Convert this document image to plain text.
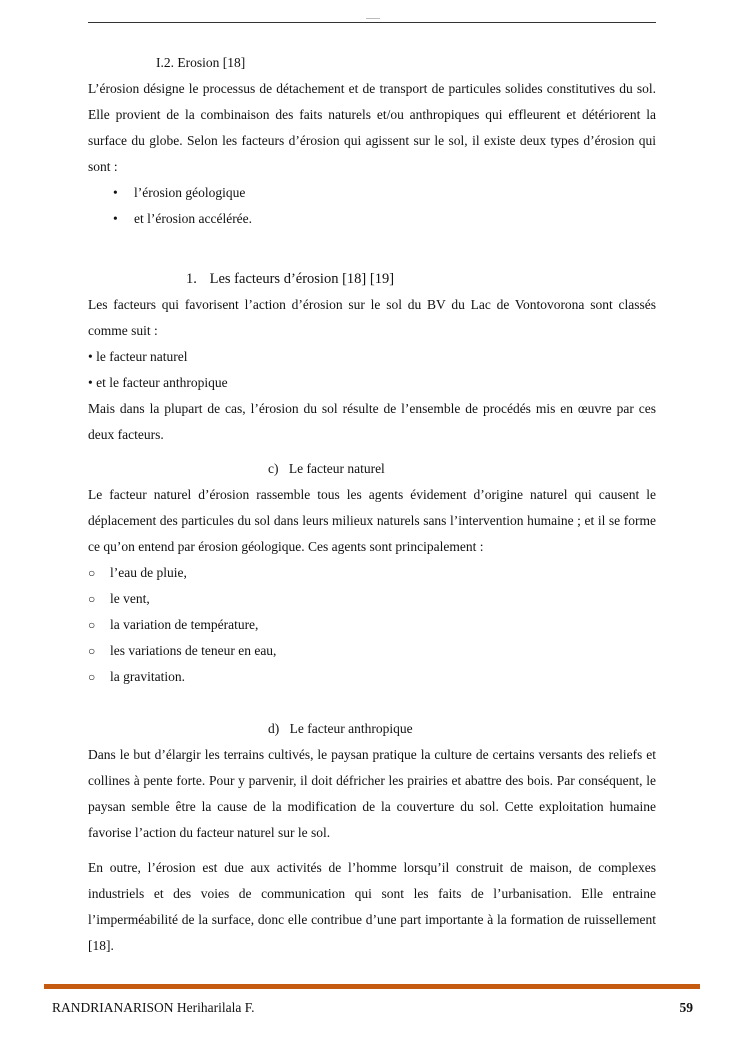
I.2. Erosion [18]

L’érosion désigne le processus de détachement et de transport de particules solides constitutives du sol. Elle provient de la combinaison des faits naturels et/ou anthropiques qui effleurent et détériorent la surface du globe. Selon les facteurs d’érosion qui agissent sur le sol, il existe deux types d’érosion qui sont :

• l’érosion géologique
• et l’érosion accélérée.
1. Les facteurs d’érosion [18] [19]

Les facteurs qui favorisent l’action d’érosion sur le sol du BV du Lac de Vontovorona sont classés comme suit :

• le facteur naturel
• et le facteur anthropique

Mais dans la plupart de cas, l’érosion du sol résulte de l’ensemble de procédés mis en œuvre par ces deux facteurs.

c) Le facteur naturel

Le facteur naturel d’érosion rassemble tous les agents évidement d’origine naturel qui causent le déplacement des particules du sol dans leurs milieux naturels sans l’intervention humaine ; et il se forme ce qu’on entend par érosion géologique. Ces agents sont principalement :

○ l’eau de pluie,
○ le vent,
○ la variation de température,
○ les variations de teneur en eau,
○ la gravitation.
d) Le facteur anthropique

Dans le but d’élargir les terrains cultivés, le paysan pratique la culture de certains versants des reliefs et collines à pente forte. Pour y parvenir, il doit défricher les prairies et abattre des bois. Par conséquent, le paysan semble être la cause de la modification de la couverture du sol. Cette exploitation humaine favorise l’action du facteur naturel sur le sol.

En outre, l’érosion est due aux activités de l’homme lorsqu’il construit de maison, de complexes industriels et des voies de communication qui sont les faits de l’urbanisation. Elle entraine l’imperméabilité de la surface, donc elle contribue d’une part importante à la formation de ruissellement [18].

RANDRIANARISON Heriharilala F.	59
